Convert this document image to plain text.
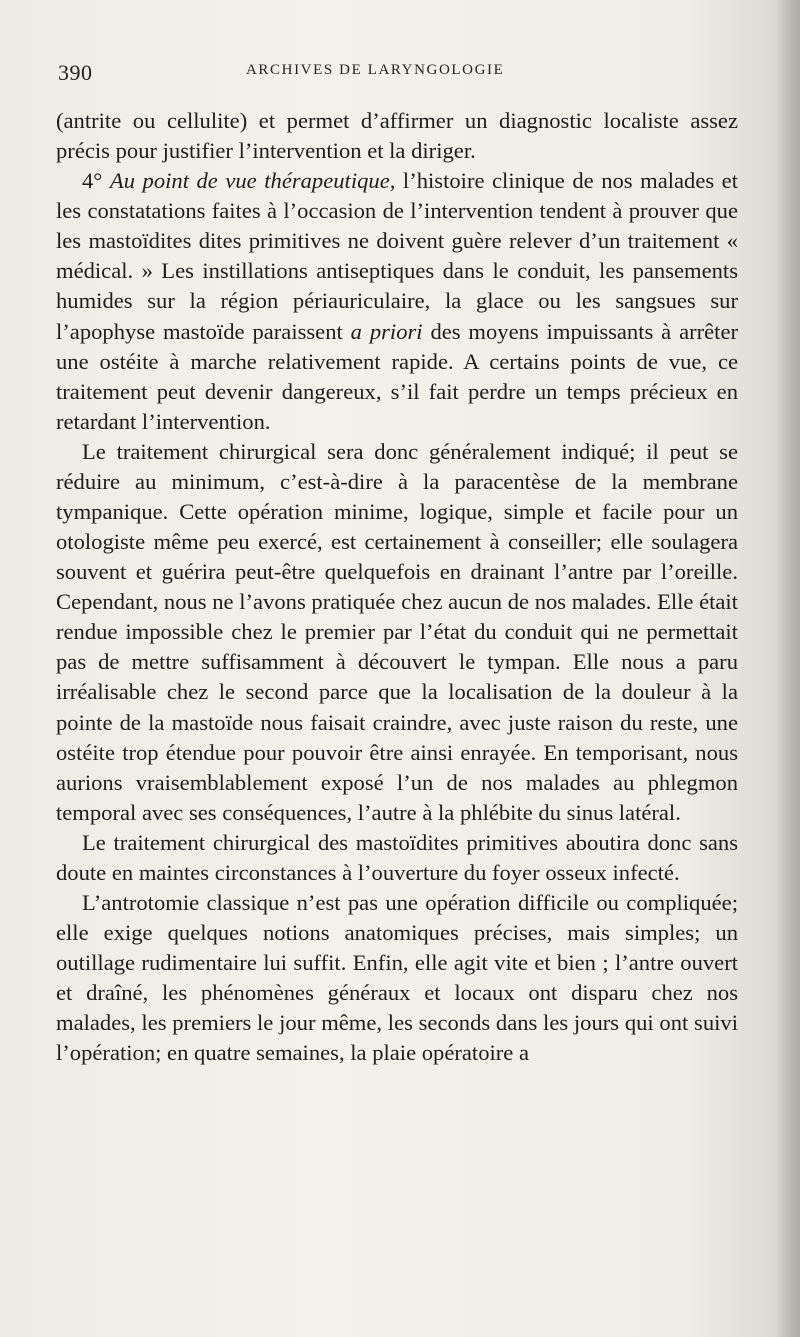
390	ARCHIVES DE LARYNGOLOGIE

(antrite ou cellulite) et permet d’affirmer un diagnostic localiste assez précis pour justifier l’intervention et la diriger.

4° Au point de vue thérapeutique, l’histoire clinique de nos malades et les constatations faites à l’occasion de l’intervention tendent à prouver que les mastoïdites dites primitives ne doivent guère relever d’un traitement « médical. » Les instillations antiseptiques dans le conduit, les pansements humides sur la région périauriculaire, la glace ou les sangsues sur l’apophyse mastoïde paraissent a priori des moyens impuissants à arrêter une ostéite à marche relativement rapide. A certains points de vue, ce traitement peut devenir dangereux, s’il fait perdre un temps précieux en retardant l’intervention.

Le traitement chirurgical sera donc généralement indiqué; il peut se réduire au minimum, c’est-à-dire à la paracentèse de la membrane tympanique. Cette opération minime, logique, simple et facile pour un otologiste même peu exercé, est certainement à conseiller; elle soulagera souvent et guérira peut-être quelquefois en drainant l’antre par l’oreille. Cependant, nous ne l’avons pratiquée chez aucun de nos malades. Elle était rendue impossible chez le premier par l’état du conduit qui ne permettait pas de mettre suffisamment à découvert le tympan. Elle nous a paru irréalisable chez le second parce que la localisation de la douleur à la pointe de la mastoïde nous faisait craindre, avec juste raison du reste, une ostéite trop étendue pour pouvoir être ainsi enrayée. En temporisant, nous aurions vraisemblablement exposé l’un de nos malades au phlegmon temporal avec ses conséquences, l’autre à la phlébite du sinus latéral.

Le traitement chirurgical des mastoïdites primitives aboutira donc sans doute en maintes circonstances à l’ouverture du foyer osseux infecté.

L’antrotomie classique n’est pas une opération difficile ou compliquée; elle exige quelques notions anatomiques précises, mais simples; un outillage rudimentaire lui suffit. Enfin, elle agit vite et bien ; l’antre ouvert et draîné, les phénomènes généraux et locaux ont disparu chez nos malades, les premiers le jour même, les seconds dans les jours qui ont suivi l’opération; en quatre semaines, la plaie opératoire a
